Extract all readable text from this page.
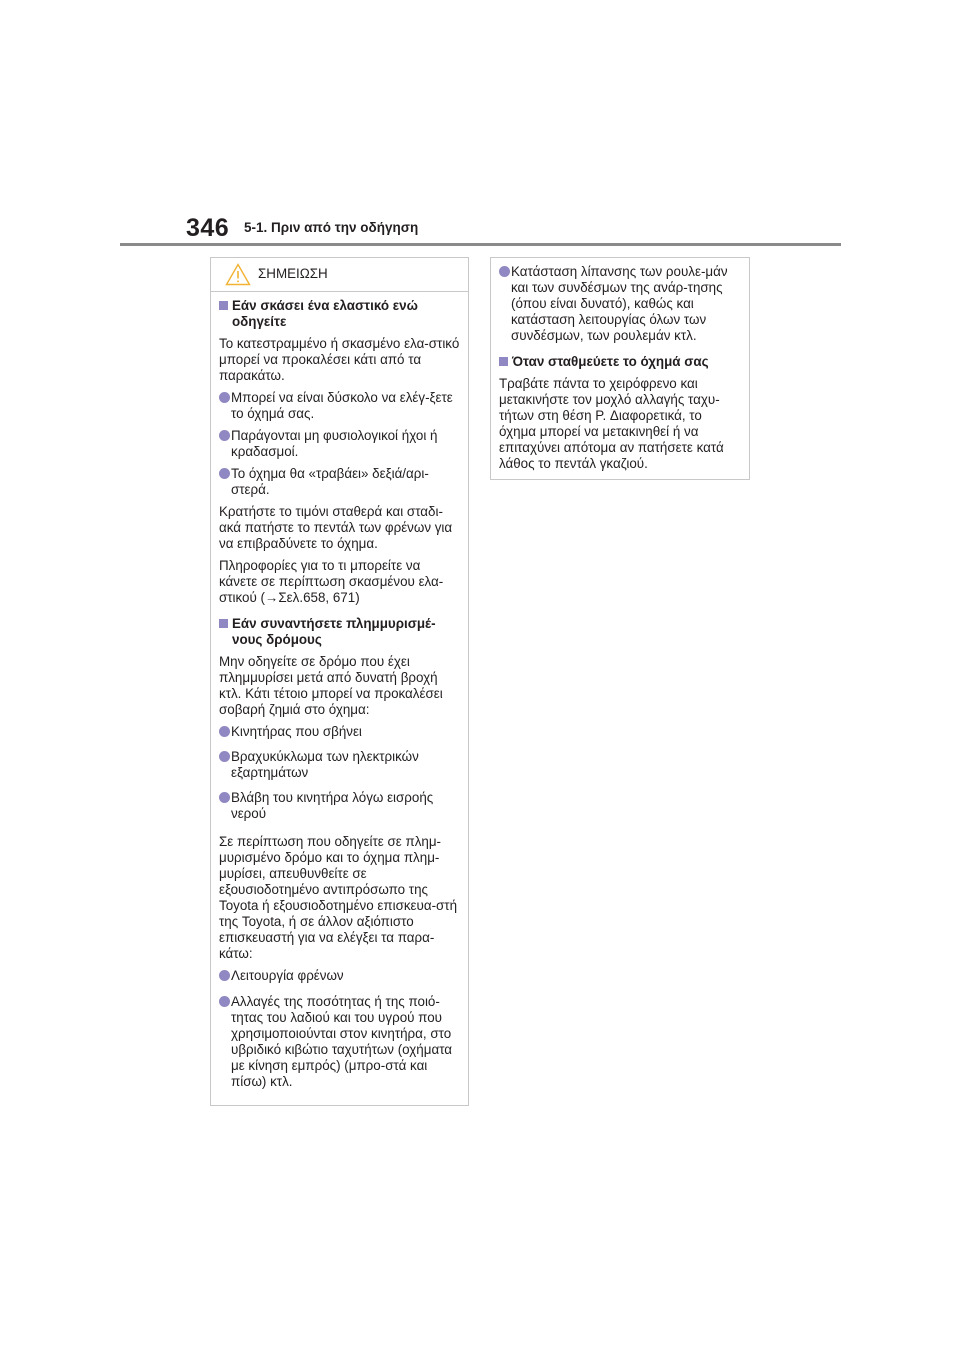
346 5-1. Πριν από την οδήγηση
ΣΗΜΕΙΩΣΗ
Εάν σκάσει ένα ελαστικό ενώ οδηγείτε
Το κατεστραμμένο ή σκασμένο ελα-στικό μπορεί να προκαλέσει κάτι από τα παρακάτω.
Μπορεί να είναι δύσκολο να ελέγ-ξετε το όχημά σας.
Παράγονται μη φυσιολογικοί ήχοι ή κραδασμοί.
Το όχημα θα «τραβάει» δεξιά/αρι-στερά.
Κρατήστε το τιμόνι σταθερά και σταδι-ακά πατήστε το πεντάλ των φρένων για να επιβραδύνετε το όχημα.
Πληροφορίες για το τι μπορείτε να κάνετε σε περίπτωση σκασμένου ελα-στικού (→Σελ.658, 671)
Εάν συναντήσετε πλημμυρισμέ-νους δρόμους
Μην οδηγείτε σε δρόμο που έχει πλημμυρίσει μετά από δυνατή βροχή κτλ. Κάτι τέτοιο μπορεί να προκαλέσει σοβαρή ζημιά στο όχημα:
Κινητήρας που σβήνει
Βραχυκύκλωμα των ηλεκτρικών εξαρτημάτων
Βλάβη του κινητήρα λόγω εισροής νερού
Σε περίπτωση που οδηγείτε σε πλημ-μυρισμένο δρόμο και το όχημα πλημ-μυρίσει, απευθυνθείτε σε εξουσιοδοτημένο αντιπρόσωπο της Toyota ή εξουσιοδοτημένο επισκευα-στή της Toyota, ή σε άλλον αξιόπιστο επισκευαστή για να ελέγξει τα παρα-κάτω:
Λειτουργία φρένων
Αλλαγές της ποσότητας ή της ποιό-τητας του λαδιού και του υγρού που χρησιμοποιούνται στον κινητήρα, στο υβριδικό κιβώτιο ταχυτήτων (οχήματα με κίνηση εμπρός) (μπρο-στά και πίσω) κτλ.
Κατάσταση λίπανσης των ρουλε-μάν και των συνδέσμων της ανάρ-τησης (όπου είναι δυνατό), καθώς και κατάσταση λειτουργίας όλων των συνδέσμων, των ρουλεμάν κτλ.
Όταν σταθμεύετε το όχημά σας
Τραβάτε πάντα το χειρόφρενο και μετακινήστε τον μοχλό αλλαγής ταχυ-τήτων στη θέση P. Διαφορετικά, το όχημα μπορεί να μετακινηθεί ή να επιταχύνει απότομα αν πατήσετε κατά λάθος το πεντάλ γκαζιού.
